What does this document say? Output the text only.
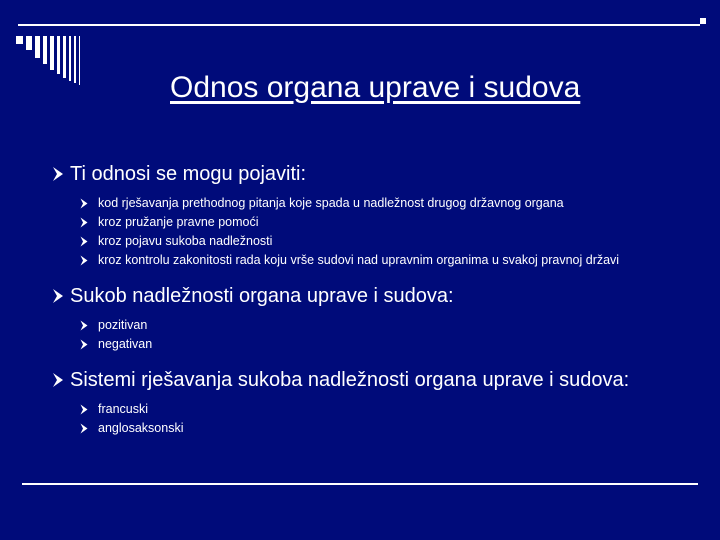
Odnos organa uprave i sudova
Ti odnosi se mogu pojaviti:
kod rješavanja prethodnog pitanja koje spada u nadležnost drugog državnog organa
kroz pružanje pravne pomoći
kroz pojavu sukoba nadležnosti
kroz kontrolu zakonitosti rada koju vrše sudovi nad upravnim organima u svakoj pravnoj državi
Sukob nadležnosti organa uprave i sudova:
pozitivan
negativan
Sistemi rješavanja sukoba nadležnosti organa uprave i sudova:
francuski
anglosaksonski
